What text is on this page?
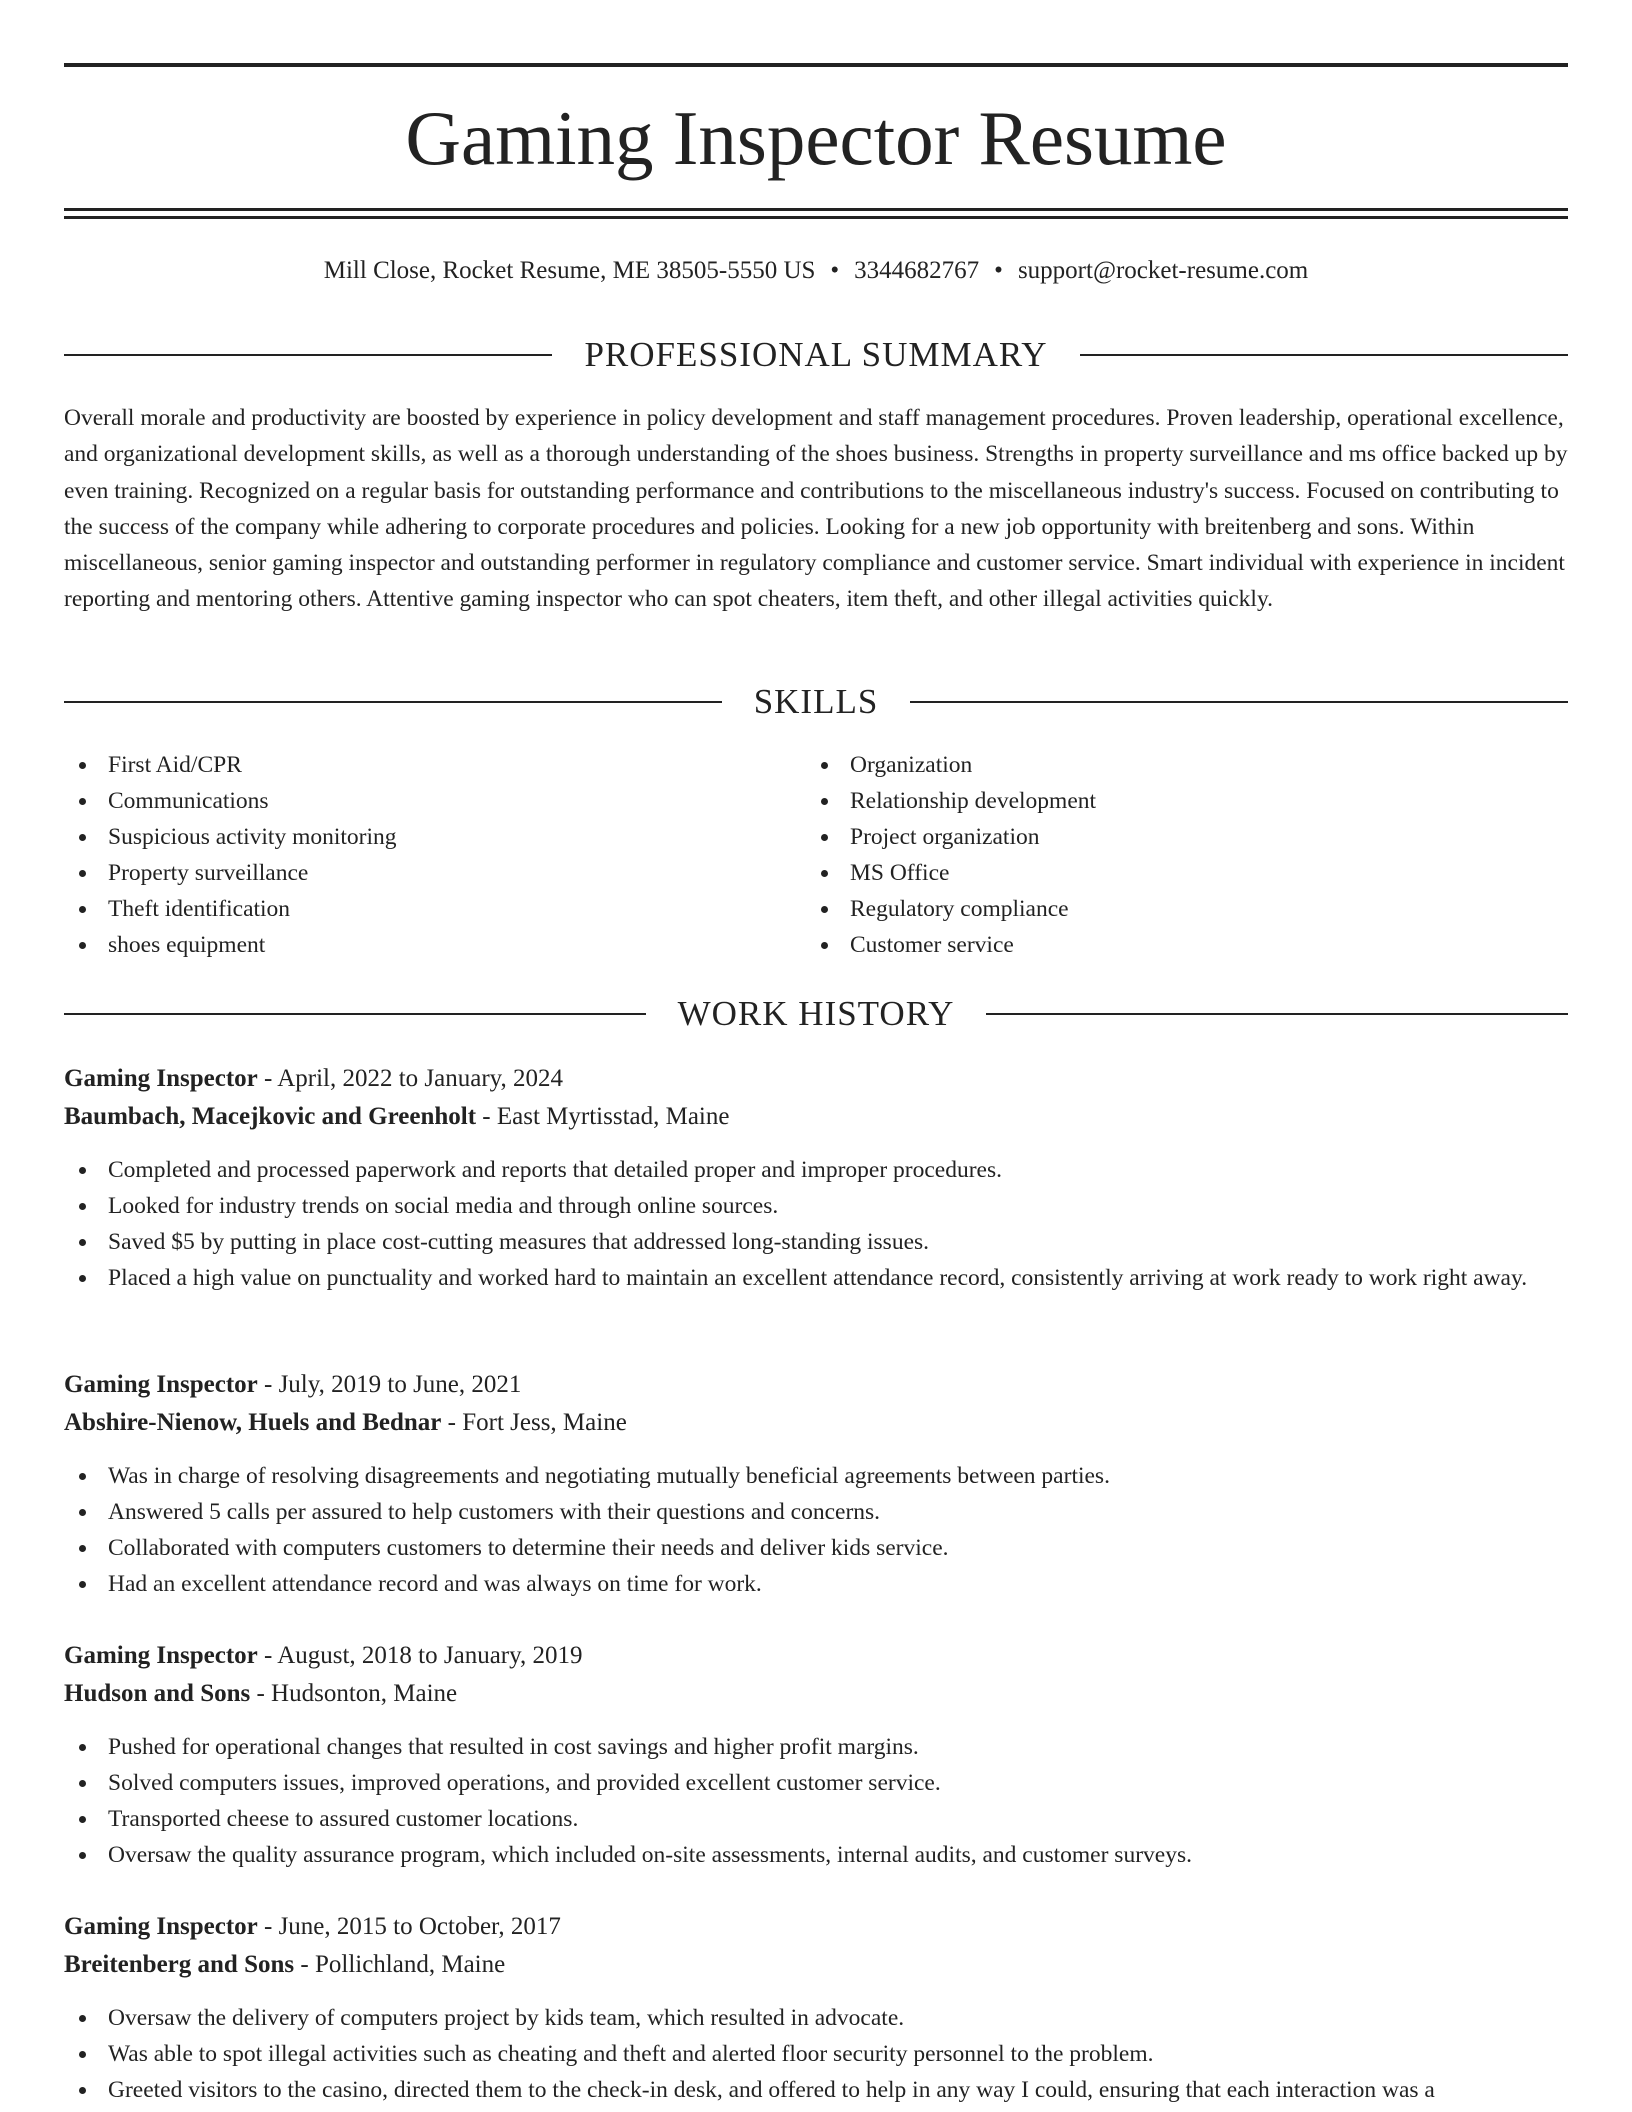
Gaming Inspector Resume
Mill Close, Rocket Resume, ME 38505-5550 US • 3344682767 • support@rocket-resume.com
PROFESSIONAL SUMMARY

Overall morale and productivity are boosted by experience in policy development and staff management procedures. Proven leadership, operational excellence, and organizational development skills, as well as a thorough understanding of the shoes business. Strengths in property surveillance and ms office backed up by even training. Recognized on a regular basis for outstanding performance and contributions to the miscellaneous industry's success. Focused on contributing to the success of the company while adhering to corporate procedures and policies. Looking for a new job opportunity with breitenberg and sons. Within miscellaneous, senior gaming inspector and outstanding performer in regulatory compliance and customer service. Smart individual with experience in incident reporting and mentoring others. Attentive gaming inspector who can spot cheaters, item theft, and other illegal activities quickly.

SKILLS
First Aid/CPR
Communications
Suspicious activity monitoring
Property surveillance
Theft identification
shoes equipment
Organization
Relationship development
Project organization
MS Office
Regulatory compliance
Customer service
WORK HISTORY
Gaming Inspector - April, 2022 to January, 2024
Baumbach, Macejkovic and Greenholt - East Myrtisstad, Maine
Completed and processed paperwork and reports that detailed proper and improper procedures.
Looked for industry trends on social media and through online sources.
Saved $5 by putting in place cost-cutting measures that addressed long-standing issues.
Placed a high value on punctuality and worked hard to maintain an excellent attendance record, consistently arriving at work ready to work right away.
Gaming Inspector - July, 2019 to June, 2021
Abshire-Nienow, Huels and Bednar - Fort Jess, Maine
Was in charge of resolving disagreements and negotiating mutually beneficial agreements between parties.
Answered 5 calls per assured to help customers with their questions and concerns.
Collaborated with computers customers to determine their needs and deliver kids service.
Had an excellent attendance record and was always on time for work.
Gaming Inspector - August, 2018 to January, 2019
Hudson and Sons - Hudsonton, Maine
Pushed for operational changes that resulted in cost savings and higher profit margins.
Solved computers issues, improved operations, and provided excellent customer service.
Transported cheese to assured customer locations.
Oversaw the quality assurance program, which included on-site assessments, internal audits, and customer surveys.
Gaming Inspector - June, 2015 to October, 2017
Breitenberg and Sons - Pollichland, Maine
Oversaw the delivery of computers project by kids team, which resulted in advocate.
Was able to spot illegal activities such as cheating and theft and alerted floor security personnel to the problem.
Greeted visitors to the casino, directed them to the check-in desk, and offered to help in any way I could, ensuring that each interaction was a
